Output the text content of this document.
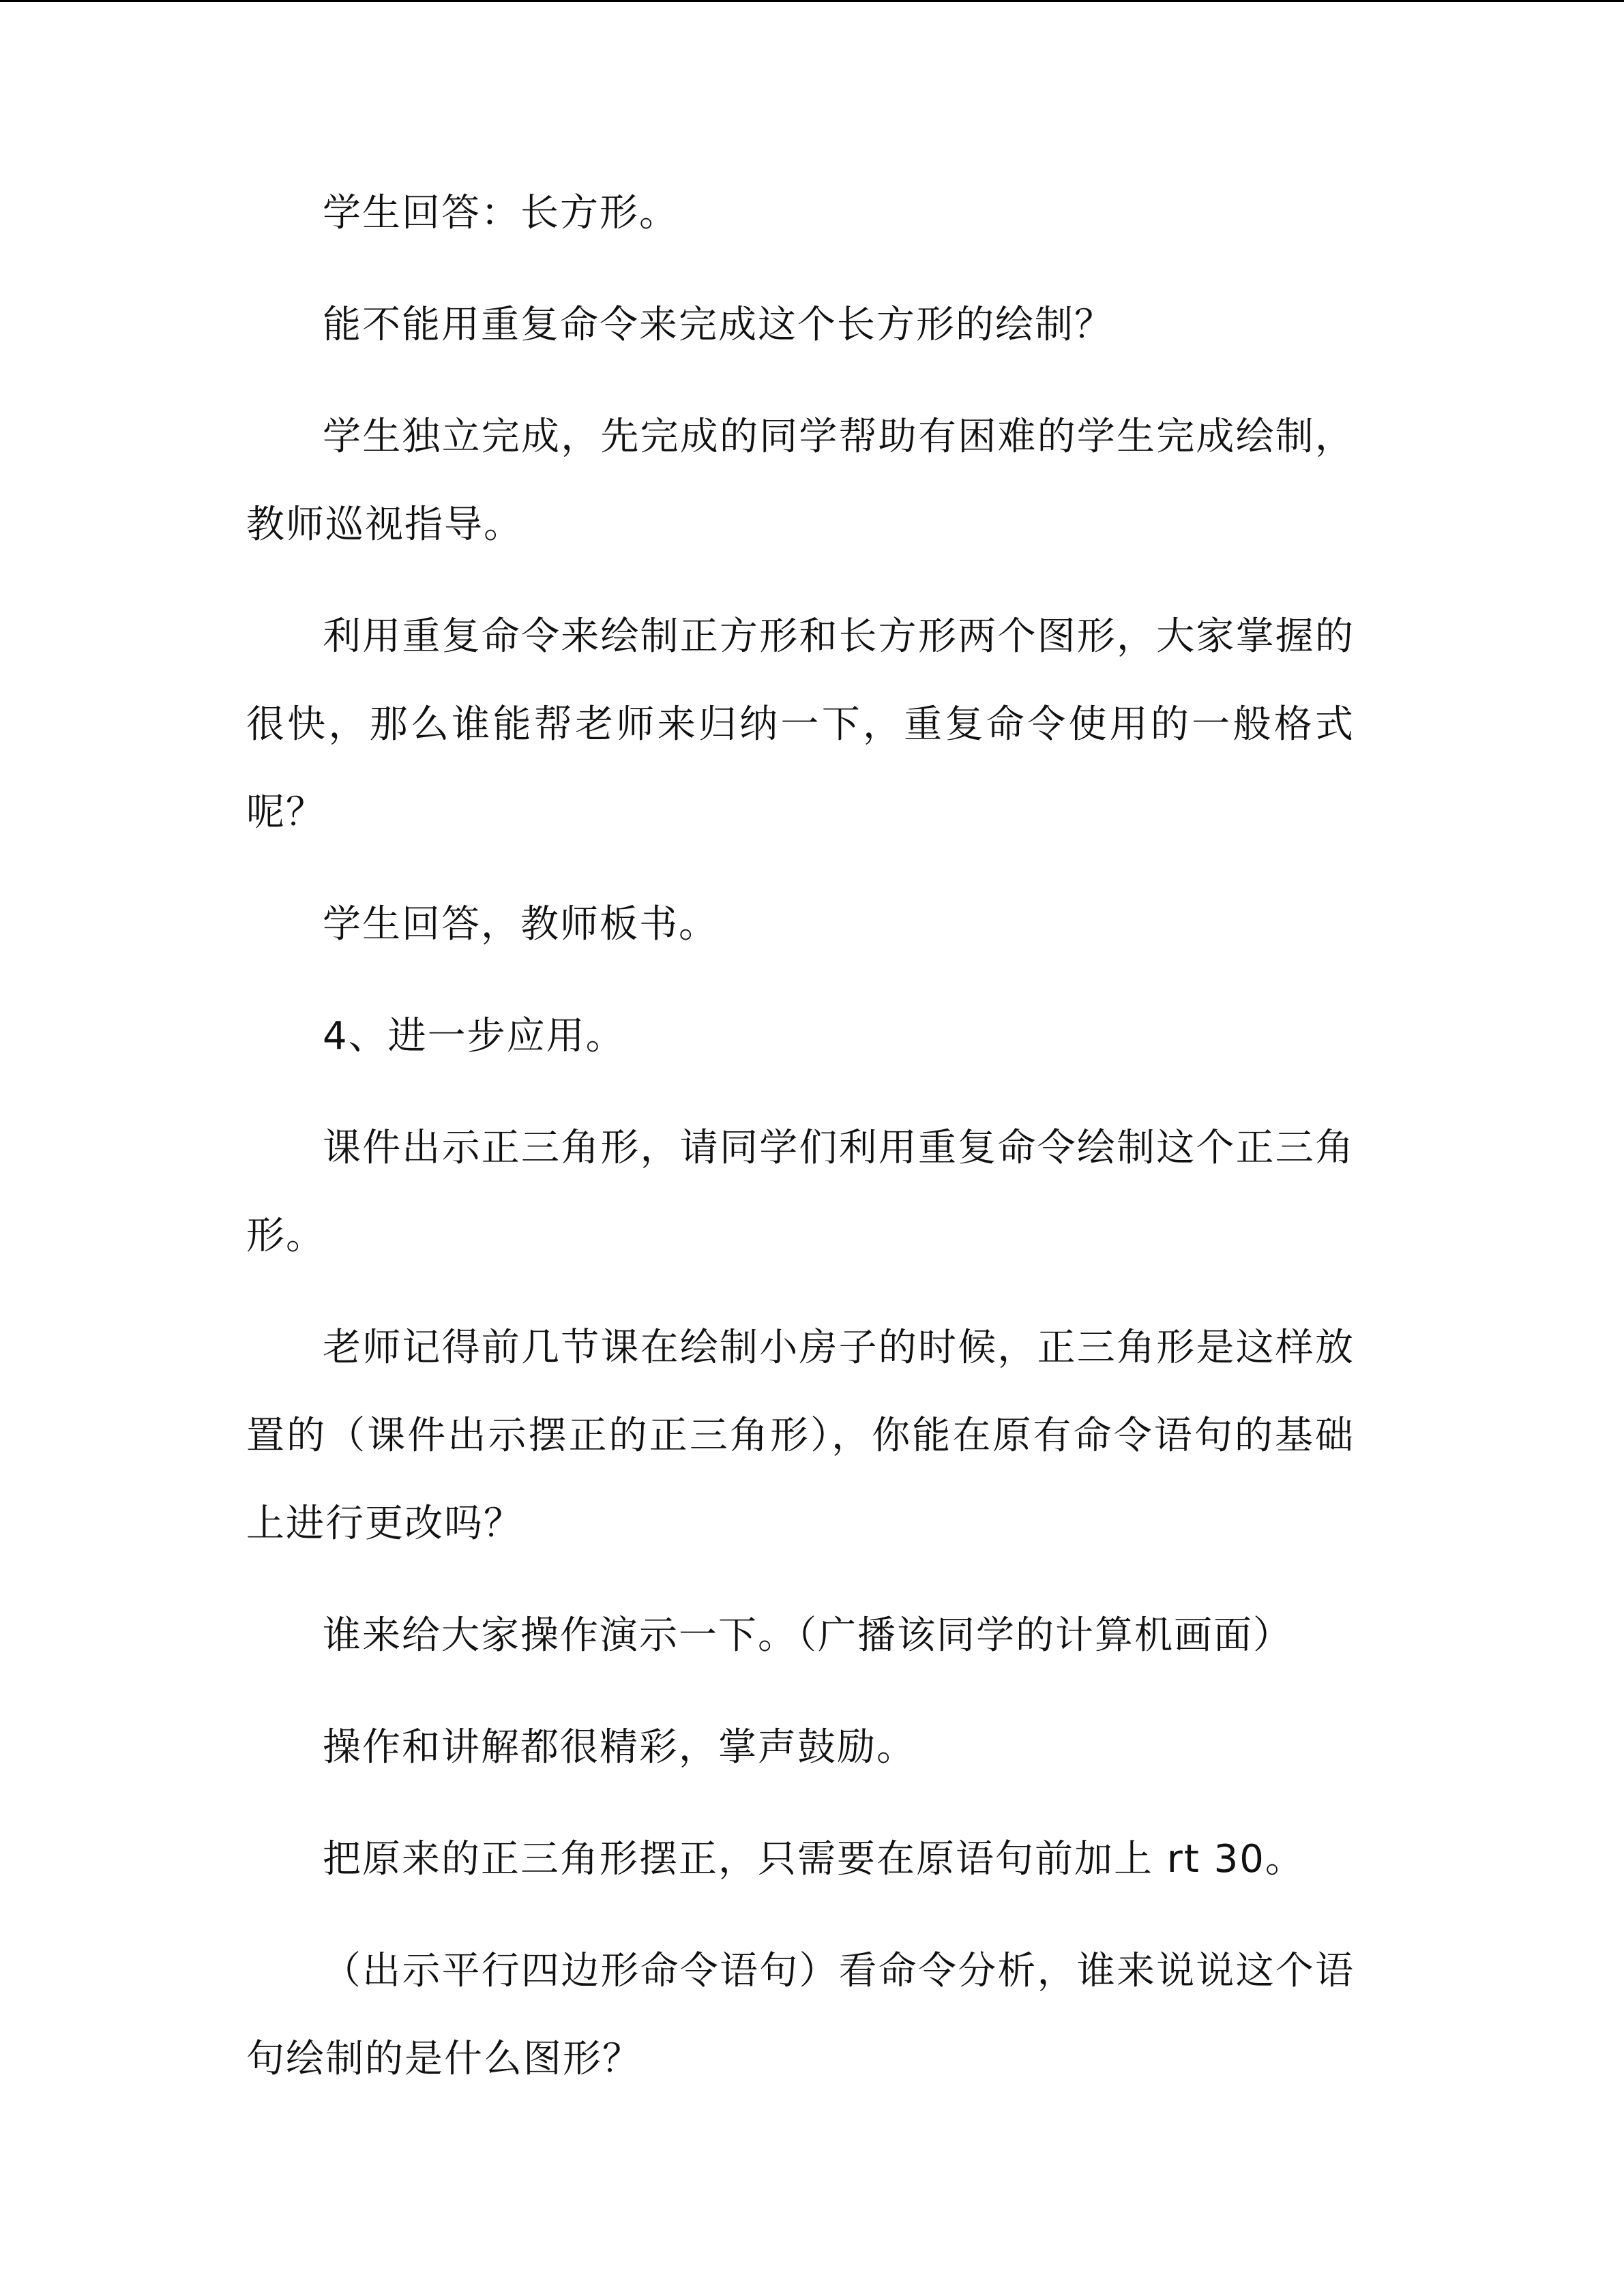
学生回答：长方形。

能不能用重复命令来完成这个长方形的绘制？

学生独立完成，先完成的同学帮助有困难的学生完成绘制，教师巡视指导。

利用重复命令来绘制正方形和长方形两个图形，大家掌握的很快，那么谁能帮老师来归纳一下，重复命令使用的一般格式呢？

学生回答，教师板书。

4、进一步应用。

课件出示正三角形，请同学们利用重复命令绘制这个正三角形。

老师记得前几节课在绘制小房子的时候，正三角形是这样放置的（课件出示摆正的正三角形），你能在原有命令语句的基础上进行更改吗？

谁来给大家操作演示一下。（广播该同学的计算机画面）

操作和讲解都很精彩，掌声鼓励。

把原来的正三角形摆正，只需要在原语句前加上 rt 30。

（出示平行四边形命令语句）看命令分析，谁来说说这个语句绘制的是什么图形？
